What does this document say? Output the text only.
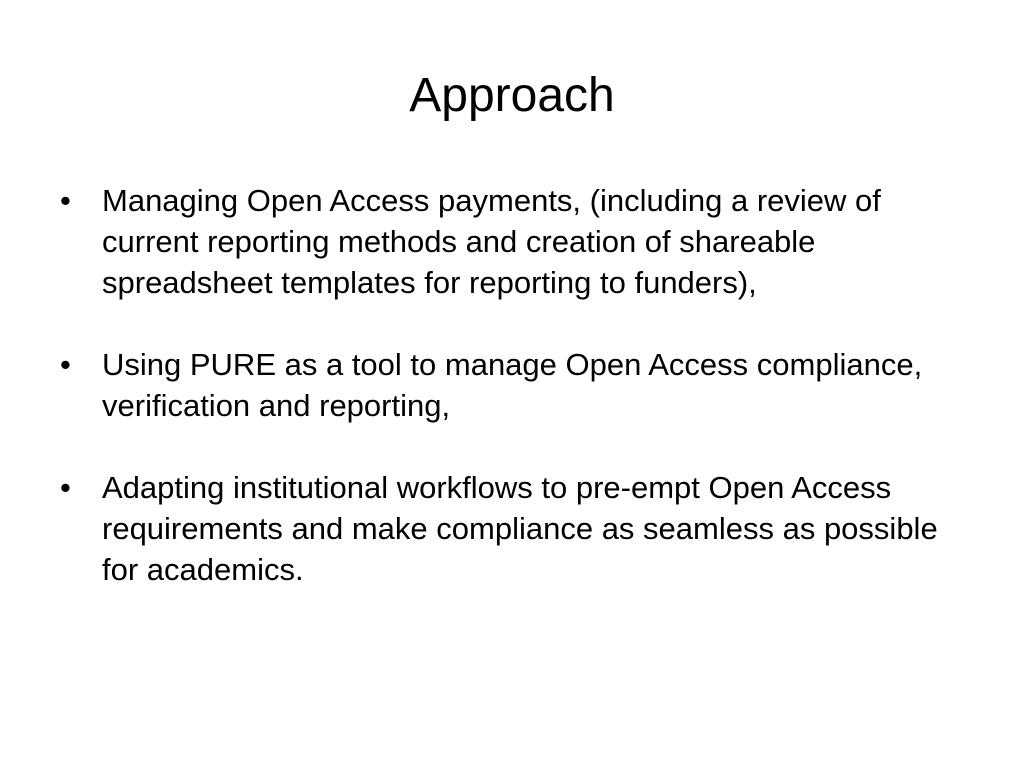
Approach
• Managing Open Access payments, (including a review of current reporting methods and creation of shareable spreadsheet templates for reporting to funders),
• Using PURE as a tool to manage Open Access compliance, verification and reporting,
• Adapting institutional workflows to pre-empt Open Access requirements and make compliance as seamless as possible for academics.
